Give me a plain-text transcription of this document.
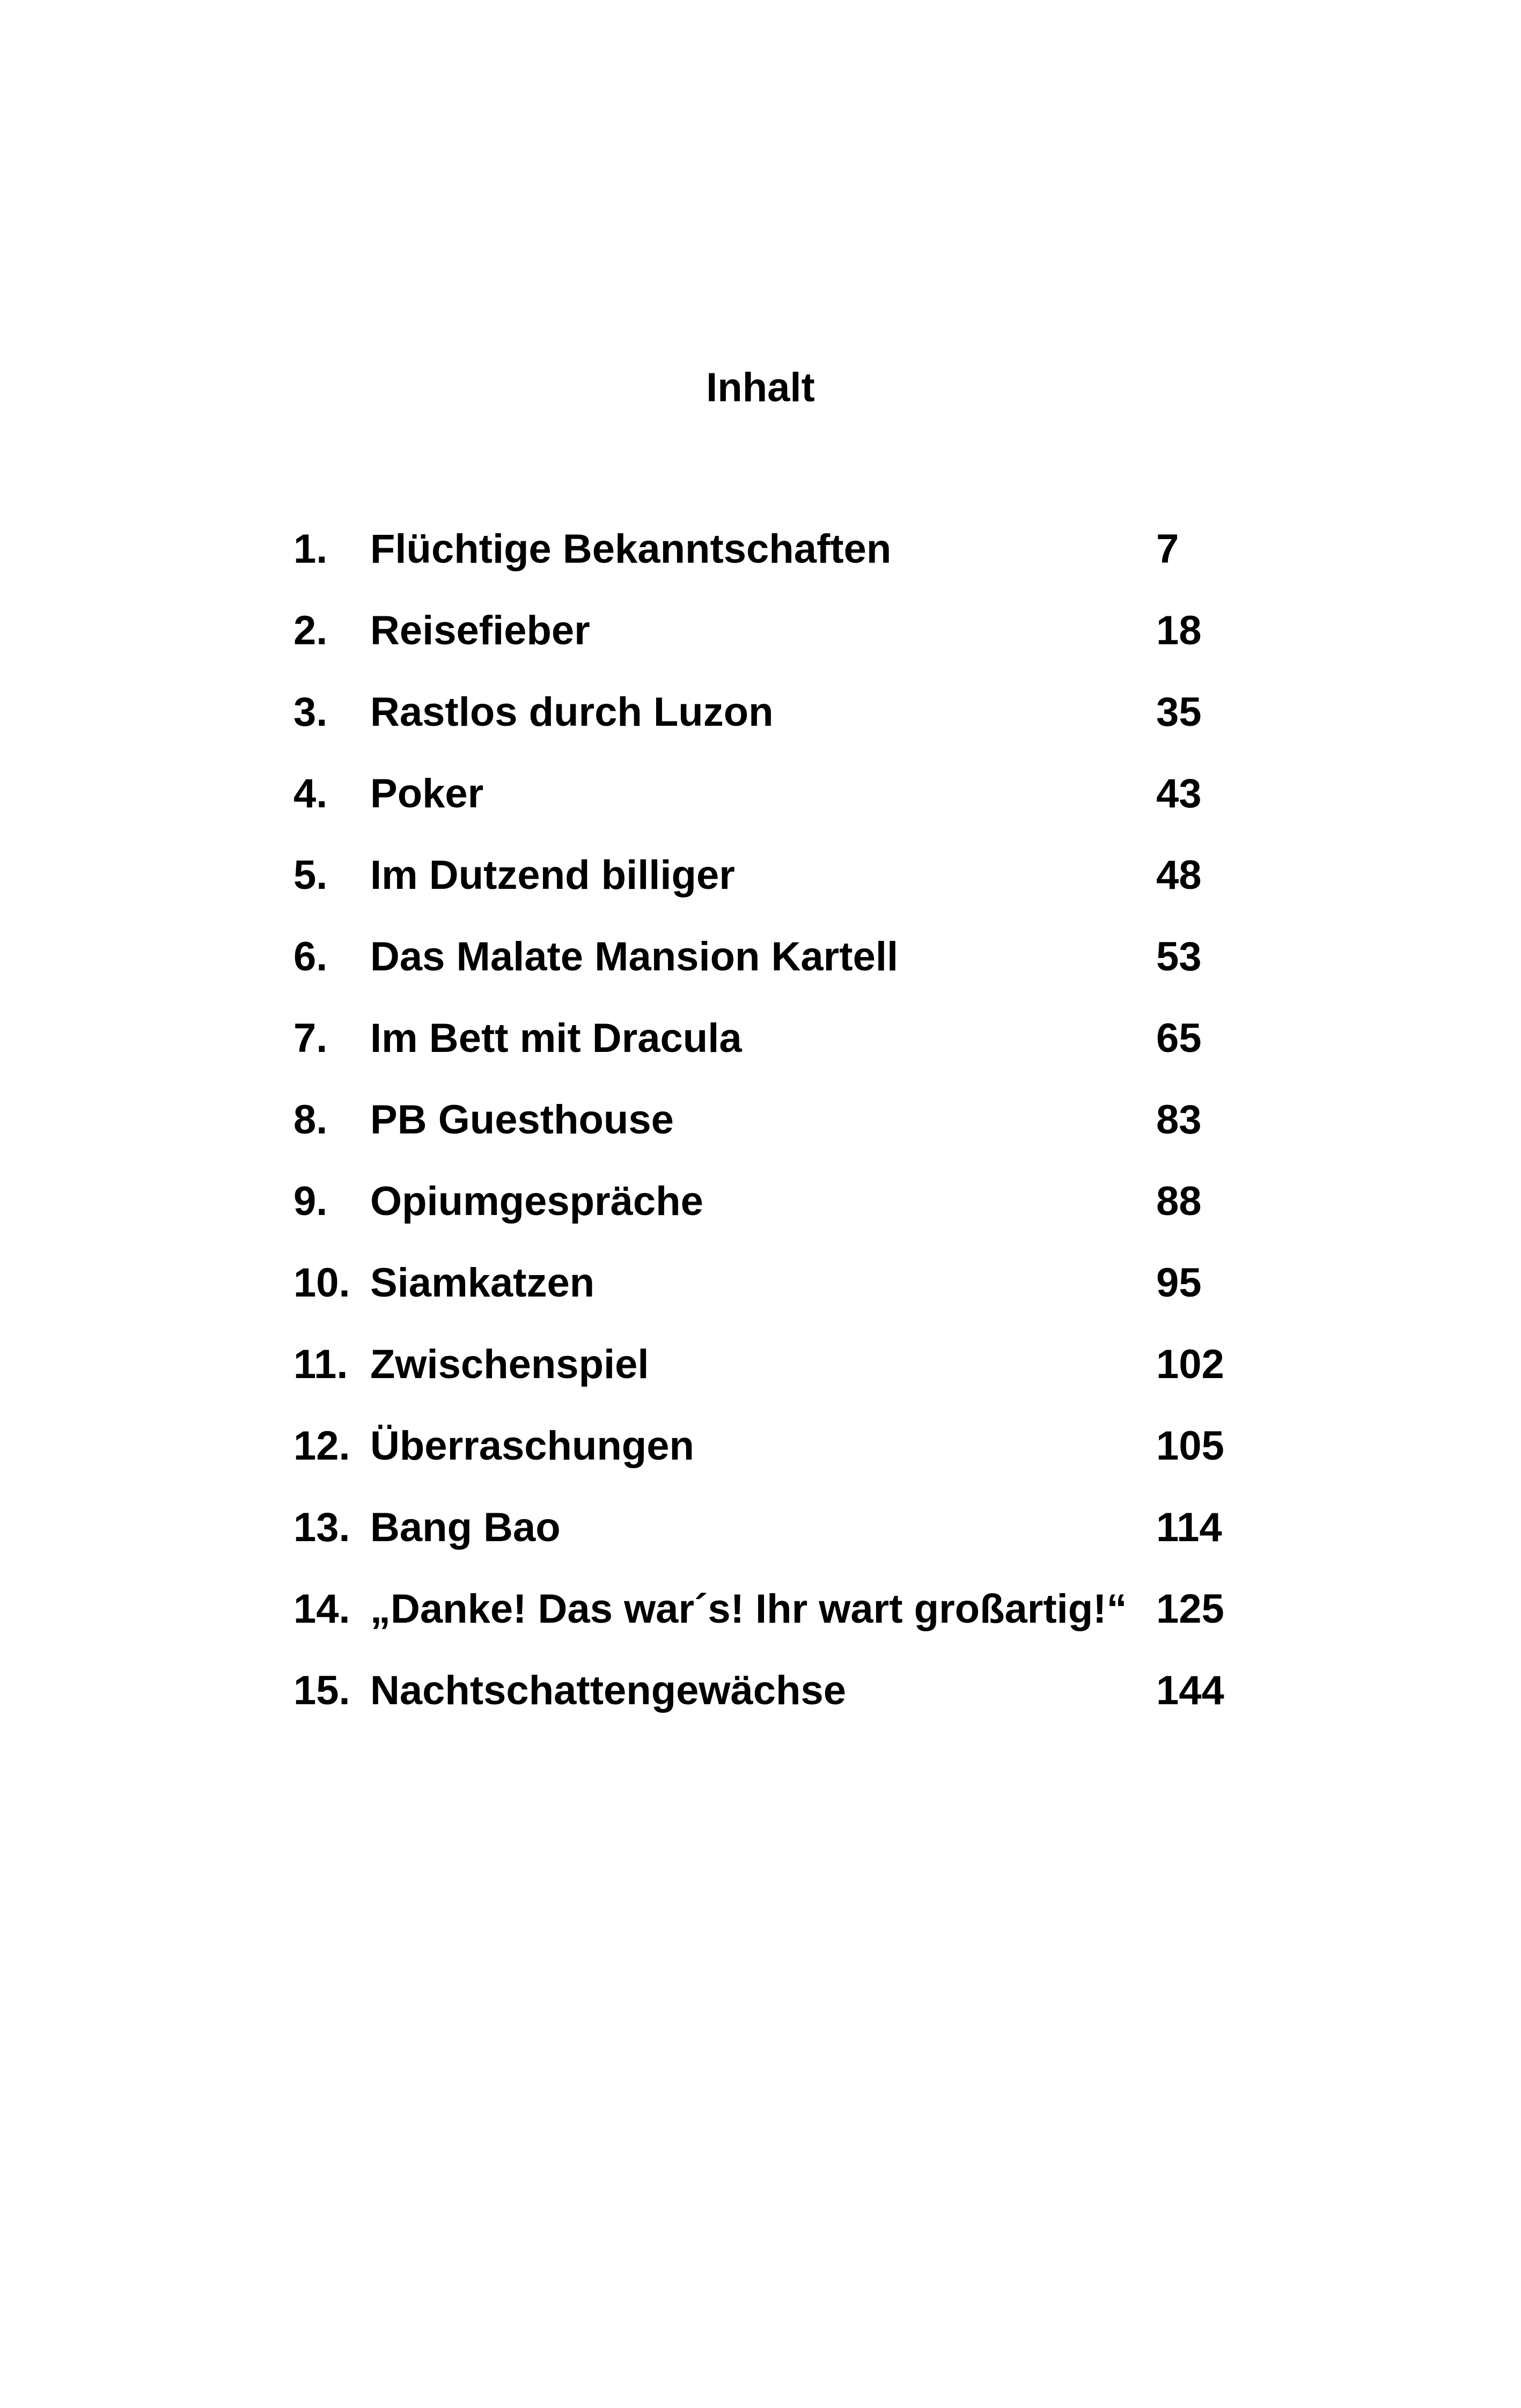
Inhalt
1. Flüchtige Bekanntschaften	7
2. Reisefieber	18
3. Rastlos durch Luzon	35
4. Poker	43
5. Im Dutzend billiger	48
6. Das Malate Mansion Kartell	53
7. Im Bett mit Dracula	65
8. PB Guesthouse	83
9. Opiumgespräche	88
10. Siamkatzen	95
11. Zwischenspiel	102
12. Überraschungen	105
13. Bang Bao	114
14. „Danke! Das war´s! Ihr wart großartig!“ 125
15. Nachtschattengewächse	144
